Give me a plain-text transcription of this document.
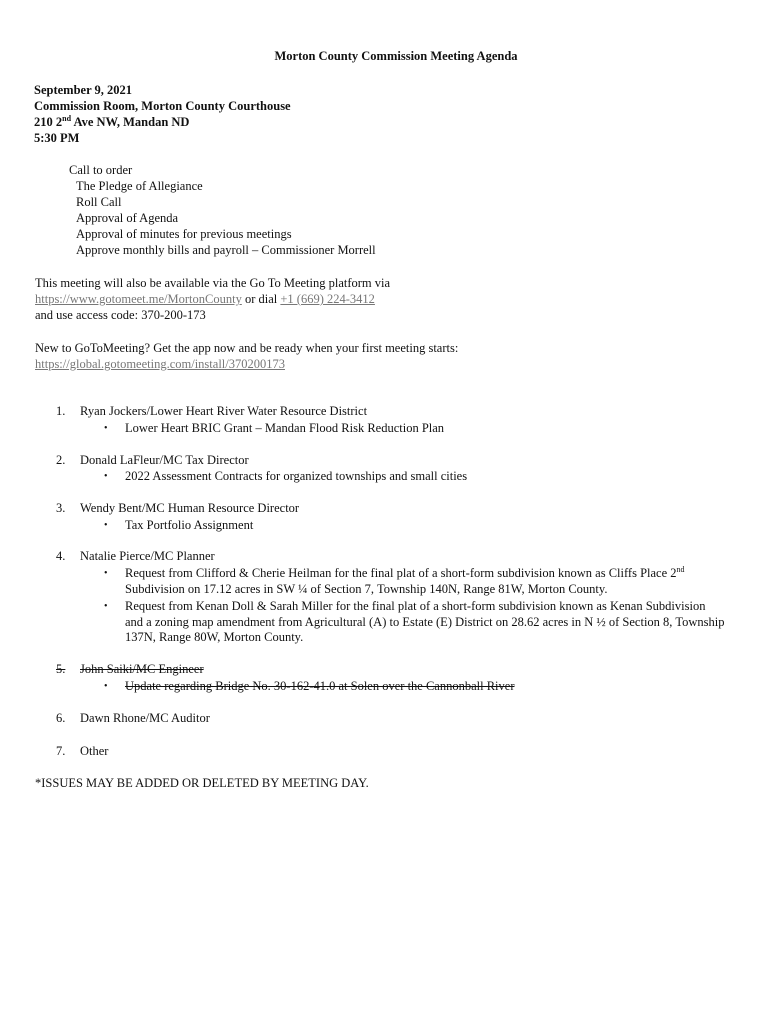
Morton County Commission Meeting Agenda
September 9, 2021
Commission Room, Morton County Courthouse
210 2nd Ave NW, Mandan ND
5:30 PM
Call to order
The Pledge of Allegiance
Roll Call
Approval of Agenda
Approval of minutes for previous meetings
Approve monthly bills and payroll – Commissioner Morrell
This meeting will also be available via the Go To Meeting platform via
https://www.gotomeet.me/MortonCounty or dial +1 (669) 224-3412
and use access code: 370-200-173
New to GoToMeeting? Get the app now and be ready when your first meeting starts:
https://global.gotomeeting.com/install/370200173
1. Ryan Jockers/Lower Heart River Water Resource District
• Lower Heart BRIC Grant – Mandan Flood Risk Reduction Plan
2. Donald LaFleur/MC Tax Director
• 2022 Assessment Contracts for organized townships and small cities
3. Wendy Bent/MC Human Resource Director
• Tax Portfolio Assignment
4. Natalie Pierce/MC Planner
• Request from Clifford & Cherie Heilman for the final plat of a short-form subdivision known as Cliffs Place 2nd Subdivision on 17.12 acres in SW ¼ of Section 7, Township 140N, Range 81W, Morton County.
• Request from Kenan Doll & Sarah Miller for the final plat of a short-form subdivision known as Kenan Subdivision and a zoning map amendment from Agricultural (A) to Estate (E) District on 28.62 acres in N ½ of Section 8, Township 137N, Range 80W, Morton County.
5. John Saiki/MC Engineer
• Update regarding Bridge No. 30-162-41.0 at Solen over the Cannonball River
6. Dawn Rhone/MC Auditor
7. Other
*ISSUES MAY BE ADDED OR DELETED BY MEETING DAY.
